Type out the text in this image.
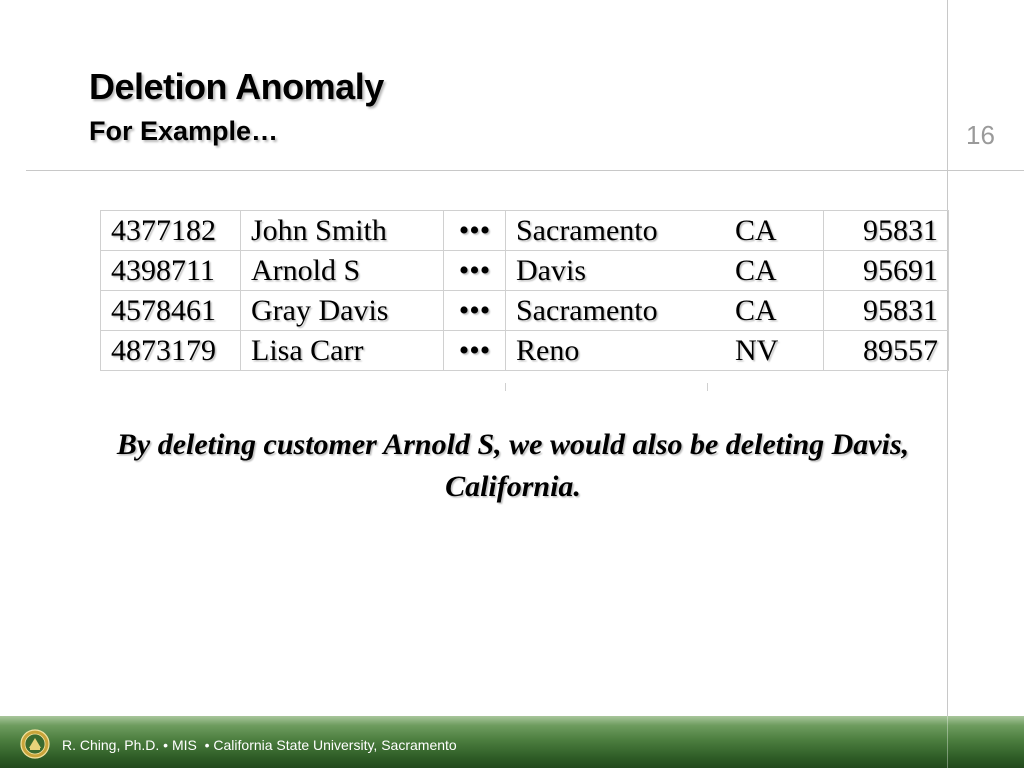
Deletion Anomaly
For Example…	16
4377182	John Smith	•••	Sacramento	CA	95831
4398711	Arnold S	•••	Davis	CA	95691
4578461	Gray Davis	•••	Sacramento	CA	95831
4873179	Lisa Carr	•••	Reno	NV	89557
By deleting customer Arnold S, we would also be deleting Davis, California.
R. Ching, Ph.D. • MIS  • California State University, Sacramento
